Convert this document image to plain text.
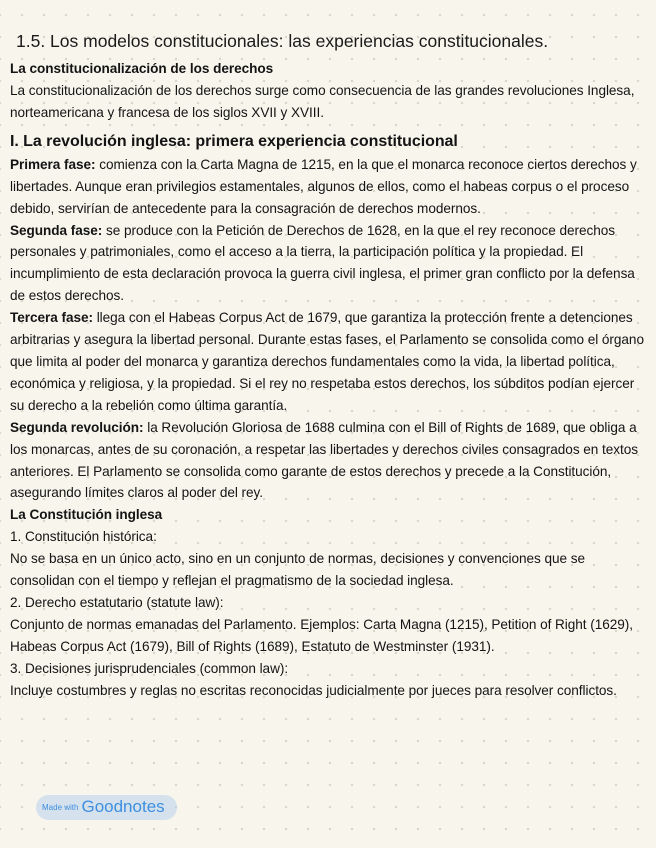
1.5. Los modelos constitucionales: las experiencias constitucionales.
La constitucionalización de los derechos

La constitucionalización de los derechos surge como consecuencia de las grandes revoluciones Inglesa, norteamericana y francesa de los siglos XVII y XVIII.

I. La revolución inglesa: primera experiencia constitucional

Primera fase: comienza con la Carta Magna de 1215, en la que el monarca reconoce ciertos derechos y libertades. Aunque eran privilegios estamentales, algunos de ellos, como el habeas corpus o el proceso debido, servirían de antecedente para la consagración de derechos modernos.

Segunda fase: se produce con la Petición de Derechos de 1628, en la que el rey reconoce derechos personales y patrimoniales, como el acceso a la tierra, la participación política y la propiedad. El incumplimiento de esta declaración provoca la guerra civil inglesa, el primer gran conflicto por la defensa de estos derechos.

Tercera fase: llega con el Habeas Corpus Act de 1679, que garantiza la protección frente a detenciones arbitrarias y asegura la libertad personal. Durante estas fases, el Parlamento se consolida como el órgano que limita al poder del monarca y garantiza derechos fundamentales como la vida, la libertad política, económica y religiosa, y la propiedad. Si el rey no respetaba estos derechos, los súbditos podían ejercer su derecho a la rebelión como última garantía.

Segunda revolución: la Revolución Gloriosa de 1688 culmina con el Bill of Rights de 1689, que obliga a los monarcas, antes de su coronación, a respetar las libertades y derechos civiles consagrados en textos anteriores. El Parlamento se consolida como garante de estos derechos y precede a la Constitución, asegurando límites claros al poder del rey.

La Constitución inglesa

1. Constitución histórica:

No se basa en un único acto, sino en un conjunto de normas, decisiones y convenciones que se consolidan con el tiempo y reflejan el pragmatismo de la sociedad inglesa.

2. Derecho estatutario (statute law):

Conjunto de normas emanadas del Parlamento. Ejemplos: Carta Magna (1215), Petition of Right (1629), Habeas Corpus Act (1679), Bill of Rights (1689), Estatuto de Westminster (1931).

3. Decisiones jurisprudenciales (common law):

Incluye costumbres y reglas no escritas reconocidas judicialmente por jueces para resolver conflictos.

Made with Goodnotes
